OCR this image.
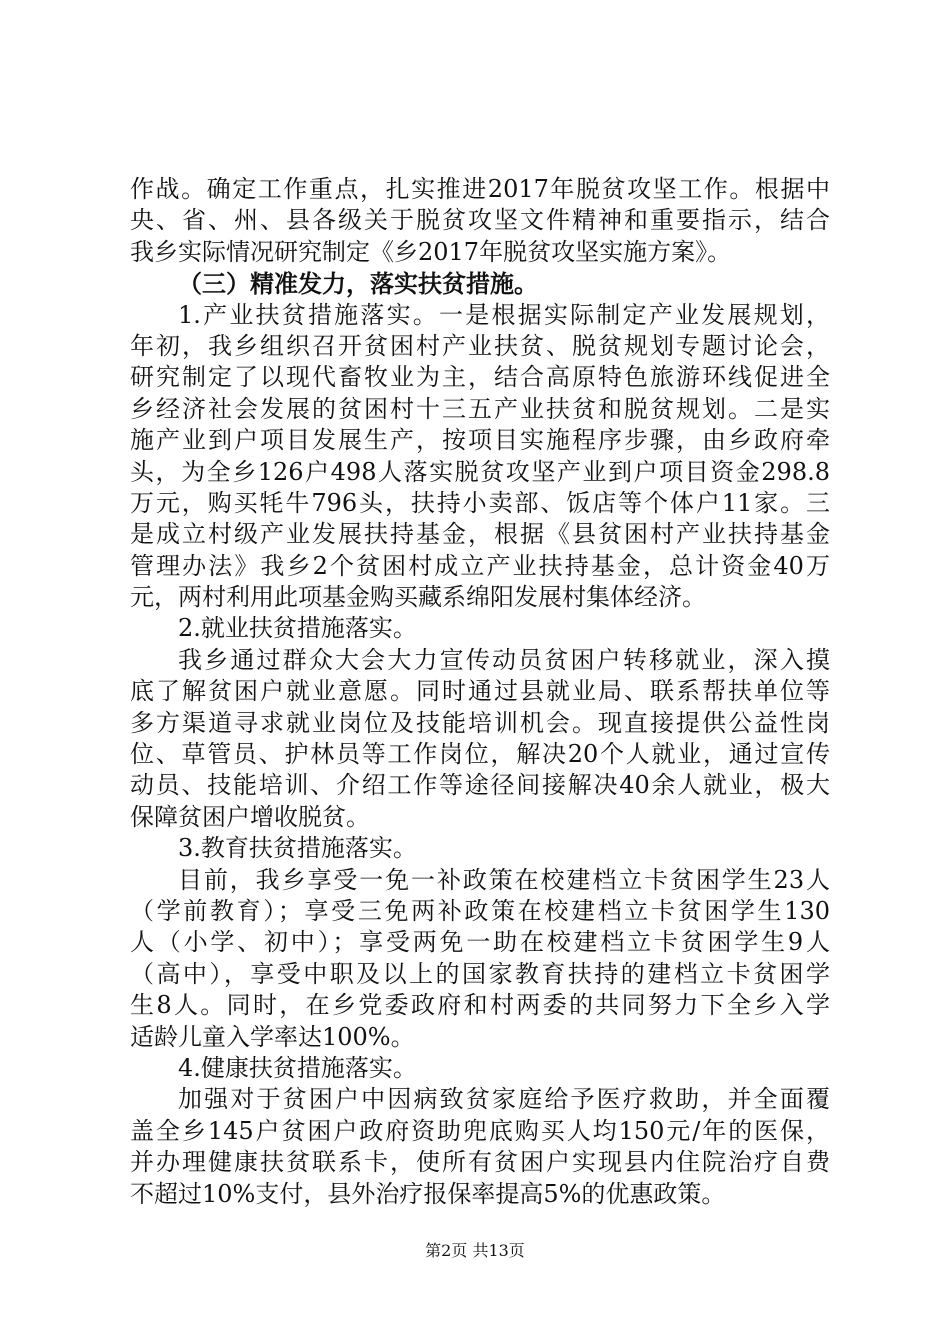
作战。确定工作重点，扎实推进2017年脱贫攻坚工作。根据中
央、省、州、县各级关于脱贫攻坚文件精神和重要指示，结合
我乡实际情况研究制定《乡2017年脱贫攻坚实施方案》。
（三）精准发力，落实扶贫措施。
1.产业扶贫措施落实。一是根据实际制定产业发展规划，
年初，我乡组织召开贫困村产业扶贫、脱贫规划专题讨论会，
研究制定了以现代畜牧业为主，结合高原特色旅游环线促进全
乡经济社会发展的贫困村十三五产业扶贫和脱贫规划。二是实
施产业到户项目发展生产，按项目实施程序步骤，由乡政府牵
头，为全乡126户498人落实脱贫攻坚产业到户项目资金298.8
万元，购买牦牛796头，扶持小卖部、饭店等个体户11家。三
是成立村级产业发展扶持基金，根据《县贫困村产业扶持基金
管理办法》我乡2个贫困村成立产业扶持基金，总计资金40万
元，两村利用此项基金购买藏系绵阳发展村集体经济。
2.就业扶贫措施落实。
我乡通过群众大会大力宣传动员贫困户转移就业，深入摸
底了解贫困户就业意愿。同时通过县就业局、联系帮扶单位等
多方渠道寻求就业岗位及技能培训机会。现直接提供公益性岗
位、草管员、护林员等工作岗位，解决20个人就业，通过宣传
动员、技能培训、介绍工作等途径间接解决40余人就业，极大
保障贫困户增收脱贫。
3.教育扶贫措施落实。
目前，我乡享受一免一补政策在校建档立卡贫困学生23人
（学前教育）；享受三免两补政策在校建档立卡贫困学生130
人（小学、初中）；享受两免一助在校建档立卡贫困学生9人
（高中），享受中职及以上的国家教育扶持的建档立卡贫困学
生8人。同时，在乡党委政府和村两委的共同努力下全乡入学
适龄儿童入学率达100%。
4.健康扶贫措施落实。
加强对于贫困户中因病致贫家庭给予医疗救助，并全面覆
盖全乡145户贫困户政府资助兜底购买人均150元/年的医保，
并办理健康扶贫联系卡，使所有贫困户实现县内住院治疗自费
不超过10%支付，县外治疗报保率提高5%的优惠政策。
第2页 共13页
